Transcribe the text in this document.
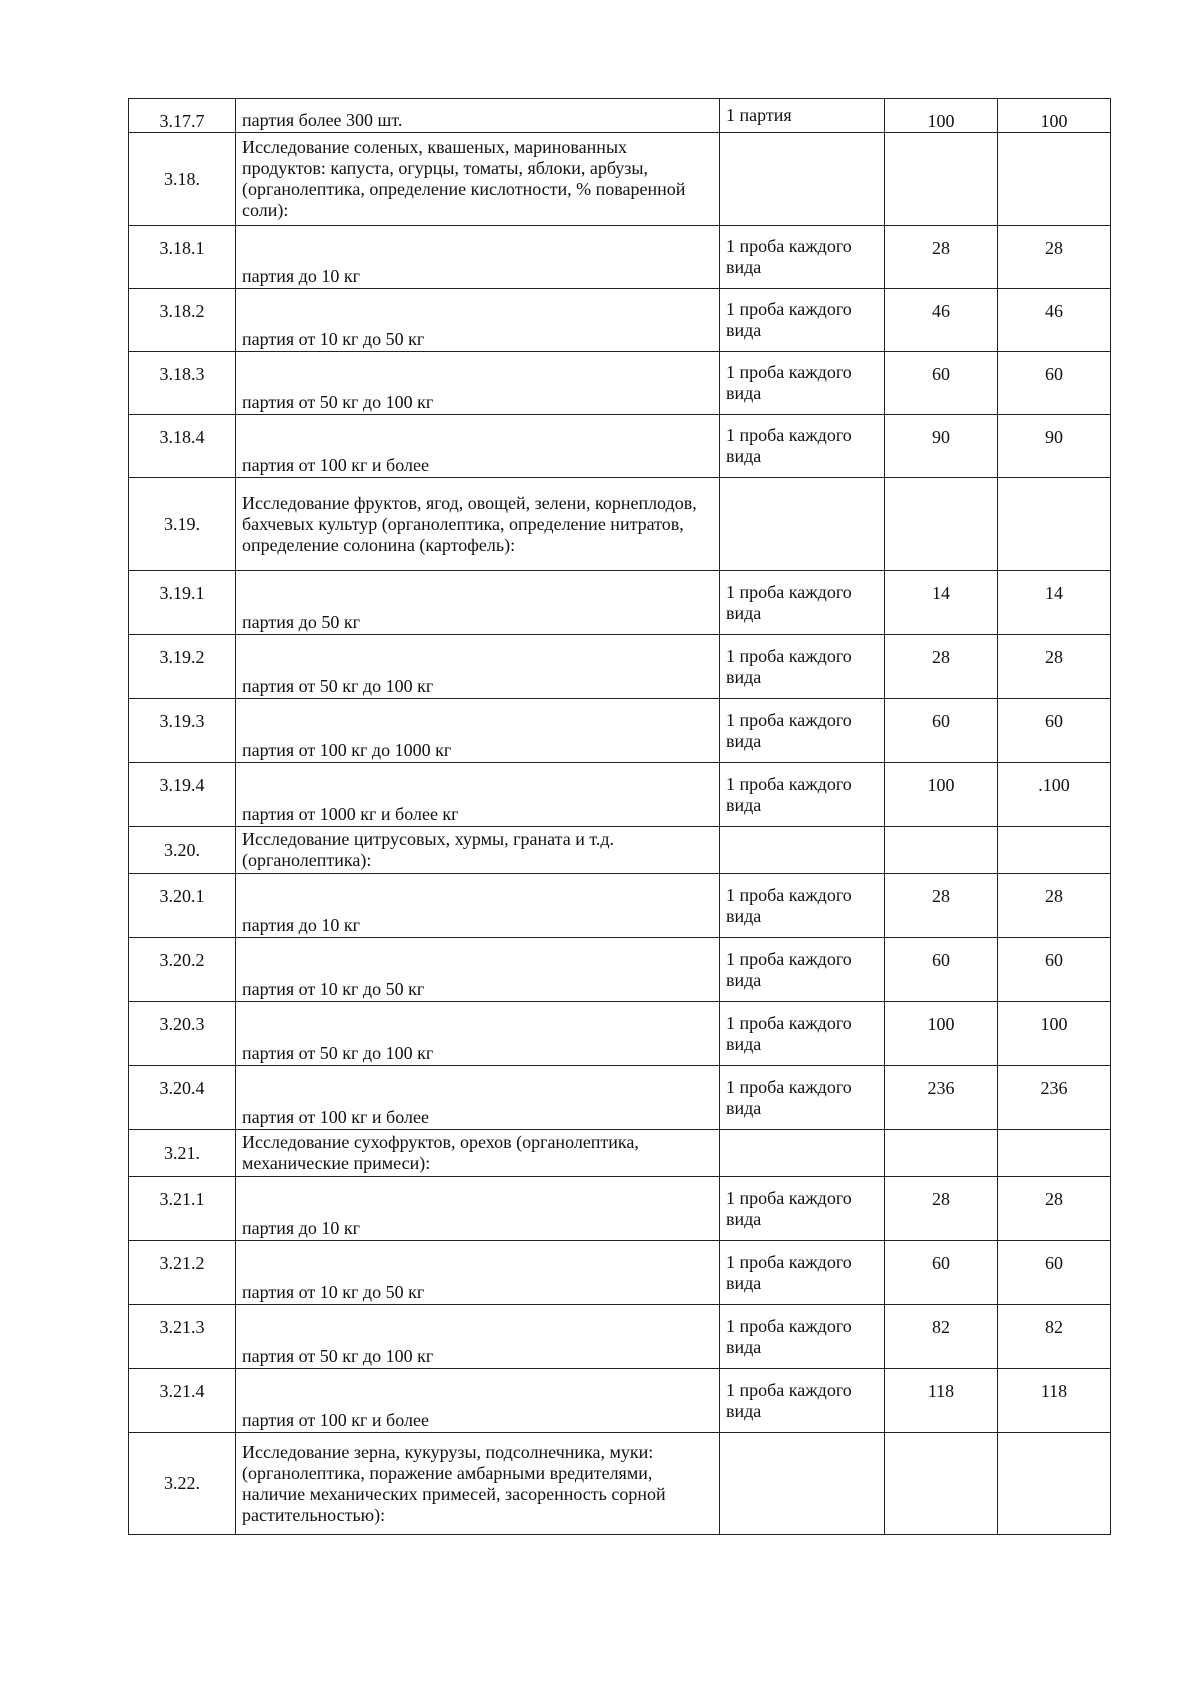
3.17.7	партия более 300 шт.	1 партия	100	100
3.18.	Исследование соленых, квашеных, маринованных продуктов: капуста, огурцы, томаты, яблоки, арбузы, (органолептика, определение кислотности, % поваренной соли):			
3.18.1	партия до 10 кг	1 проба каждого вида	28	28
3.18.2	партия от 10 кг до 50 кг	1 проба каждого вида	46	46
3.18.3	партия от 50 кг до 100 кг	1 проба каждого вида	60	60
3.18.4	партия от 100 кг и более	1 проба каждого вида	90	90
3.19.	Исследование фруктов, ягод, овощей, зелени, корнеплодов, бахчевых культур (органолептика, определение нитратов, определение солонина (картофель):			
3.19.1	партия до 50 кг	1 проба каждого вида	14	14
3.19.2	партия от 50 кг до 100 кг	1 проба каждого вида	28	28
3.19.3	партия от 100 кг до 1000 кг	1 проба каждого вида	60	60
3.19.4	партия от 1000 кг и более кг	1 проба каждого вида	100	.100
3.20.	Исследование цитрусовых, хурмы, граната и т.д. (органолептика):			
3.20.1	партия до 10 кг	1 проба каждого вида	28	28
3.20.2	партия от 10 кг до 50 кг	1 проба каждого вида	60	60
3.20.3	партия от 50 кг до 100 кг	1 проба каждого вида	100	100
3.20.4	партия от 100 кг и более	1 проба каждого вида	236	236
3.21.	Исследование сухофруктов, орехов (органолептика, механические примеси):			
3.21.1	партия до 10 кг	1 проба каждого вида	28	28
3.21.2	партия от 10 кг до 50 кг	1 проба каждого вида	60	60
3.21.3	партия от 50 кг до 100 кг	1 проба каждого вида	82	82
3.21.4	партия от 100 кг и более	1 проба каждого вида	118	118
3.22.	Исследование зерна, кукурузы, подсолнечника, муки: (органолептика, поражение амбарными вредителями, наличие механических примесей, засоренность сорной растительностью):			
